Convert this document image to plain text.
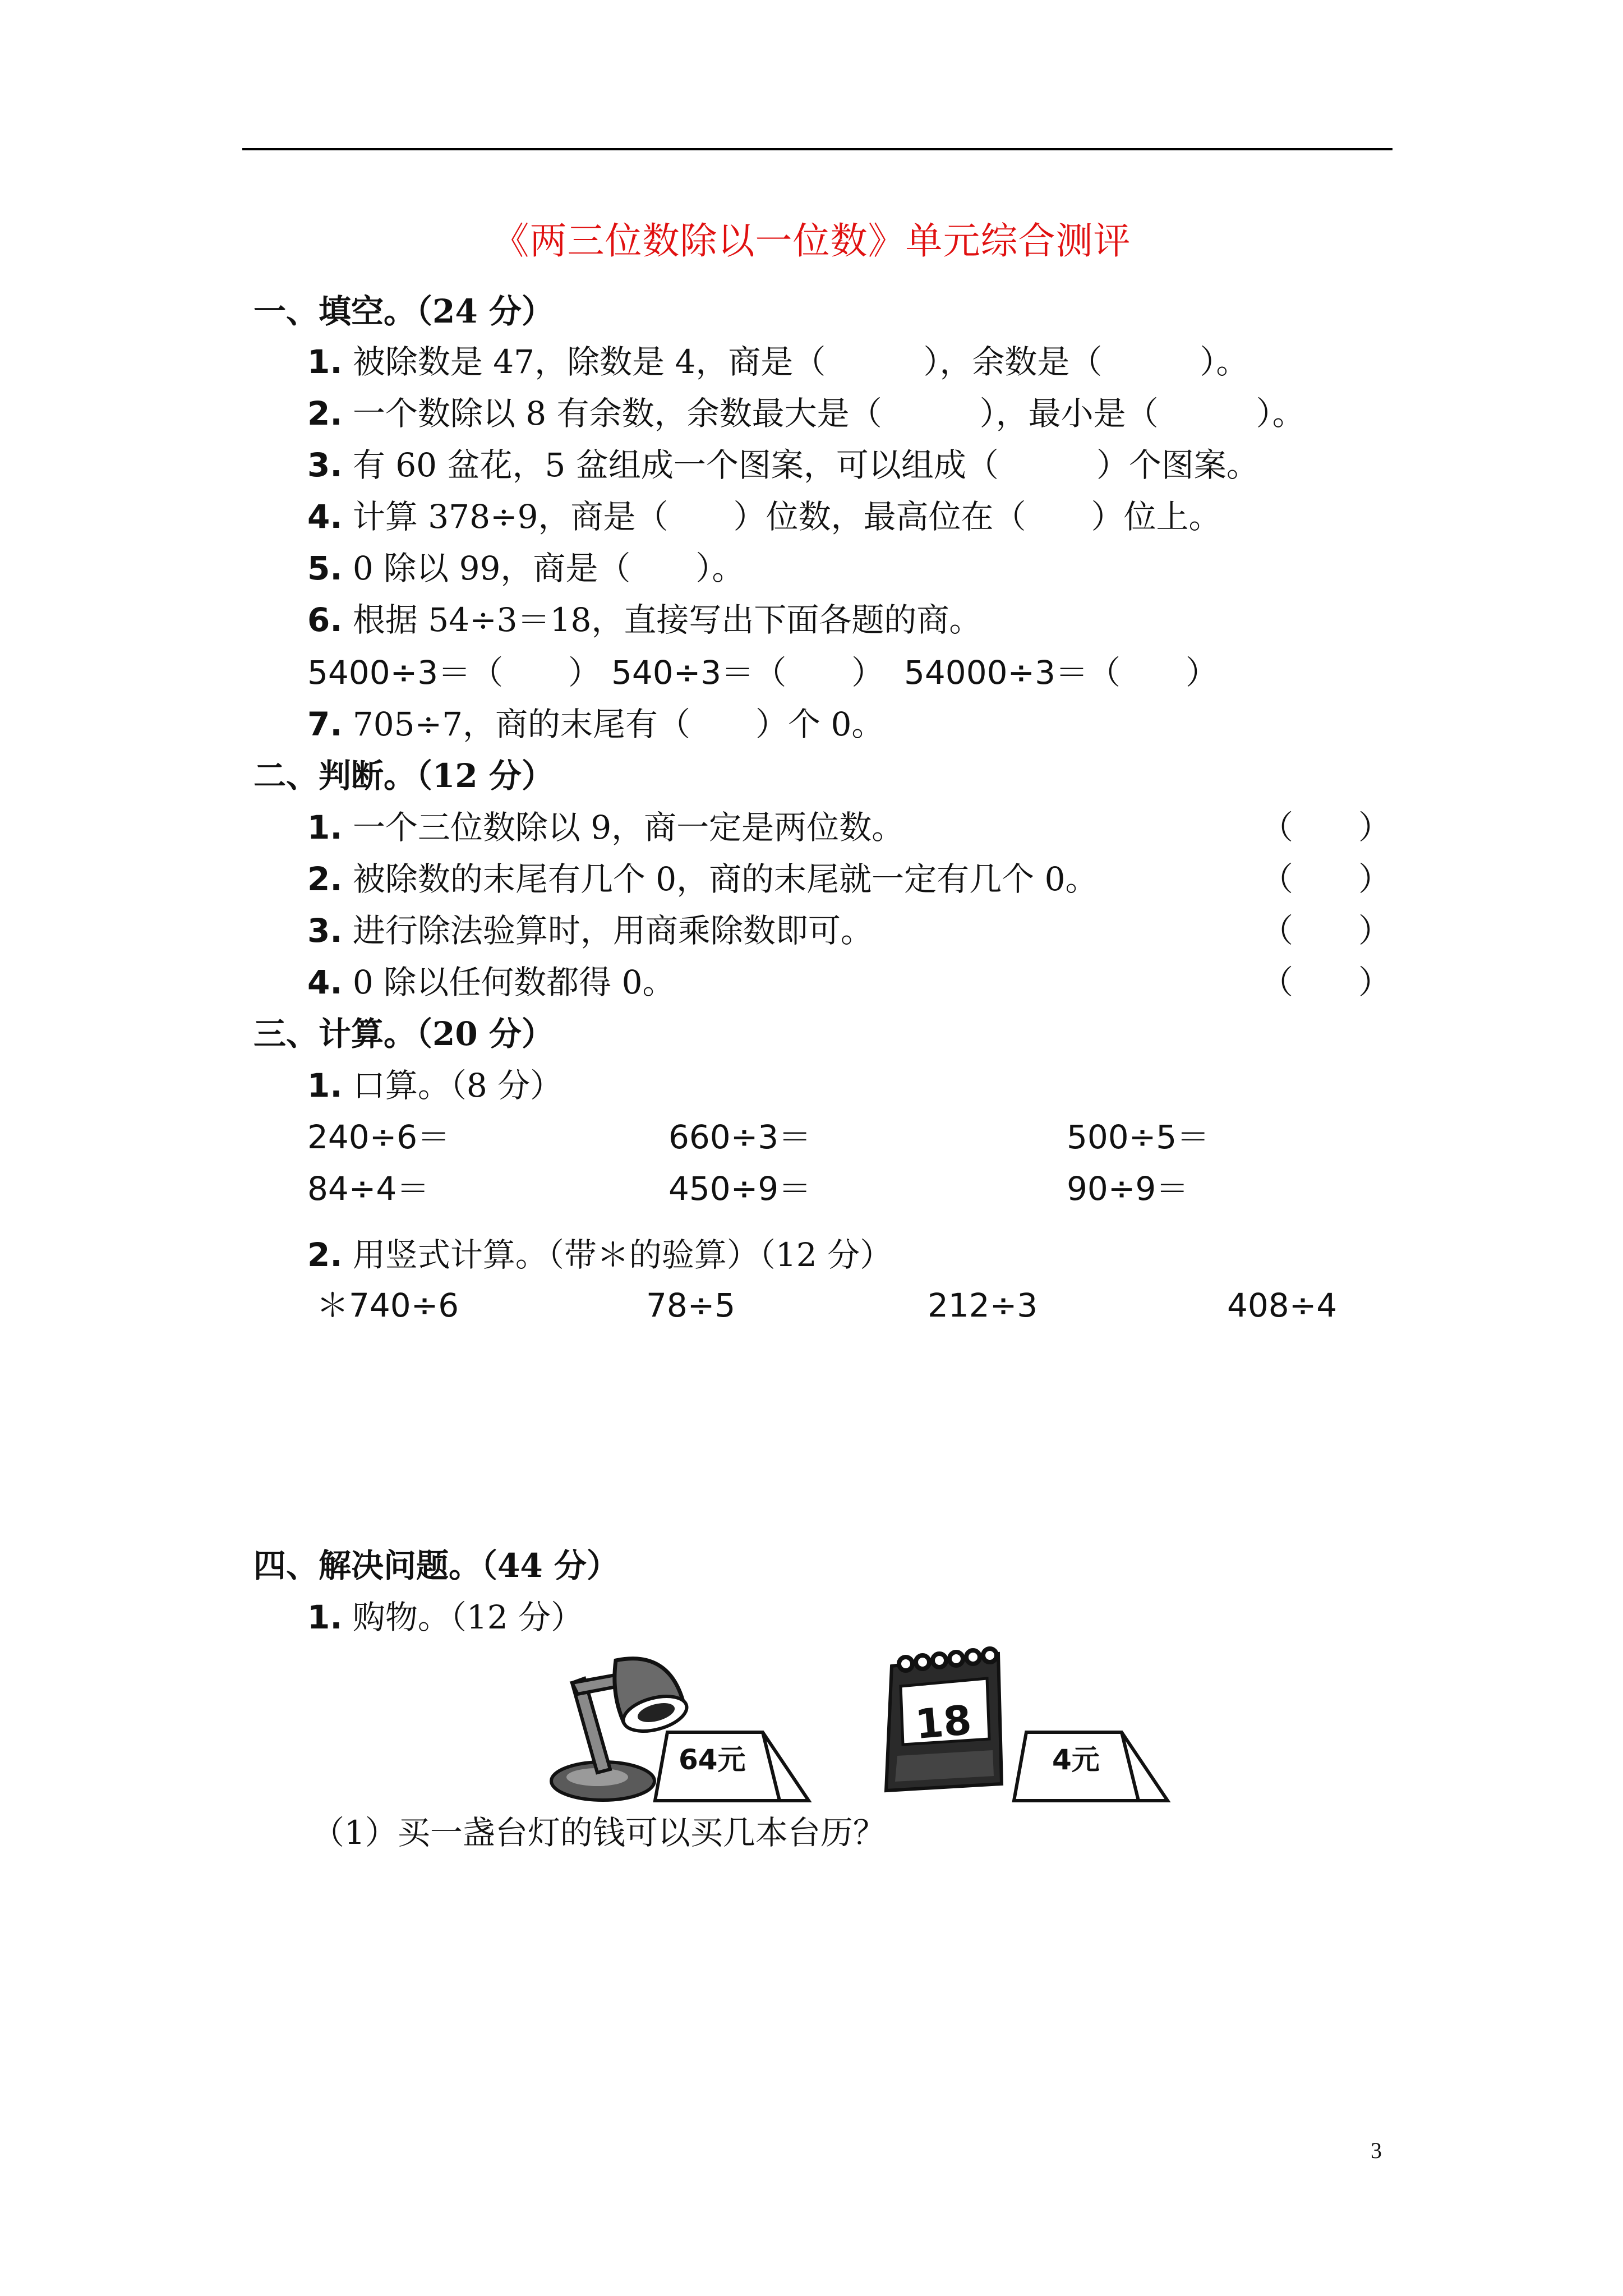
《两三位数除以一位数》单元综合测评
一、填空。（24 分）
1. 被除数是 47，除数是 4，商是（　　　），余数是（　　　）。
2. 一个数除以 8 有余数，余数最大是（　　　），最小是（　　　）。
3. 有 60 盆花，5 盆组成一个图案，可以组成（　　　）个图案。
4. 计算 378÷9，商是（　　）位数，最高位在（　　）位上。
5. 0 除以 99，商是（　　）。
6. 根据 54÷3＝18，直接写出下面各题的商。
5400÷3＝（　　） 540÷3＝（　　） 54000÷3＝（　　）
7. 705÷7，商的末尾有（　　）个 0。
二、判断。（12 分）
1. 一个三位数除以 9，商一定是两位数。	（　　）
2. 被除数的末尾有几个 0，商的末尾就一定有几个 0。	（　　）
3. 进行除法验算时，用商乘除数即可。	（　　）
4. 0 除以任何数都得 0。	（　　）
三、计算。（20 分）
1. 口算。（8 分）
240÷6＝	660÷3＝	500÷5＝
84÷4＝	450÷9＝	90÷9＝
2. 用竖式计算。（带＊的验算）（12 分）
＊740÷6	78÷5	212÷3	408÷4
四、解决问题。（44 分）
1. 购物。（12 分）
64元
18
4元
（1）买一盏台灯的钱可以买几本台历？
3
